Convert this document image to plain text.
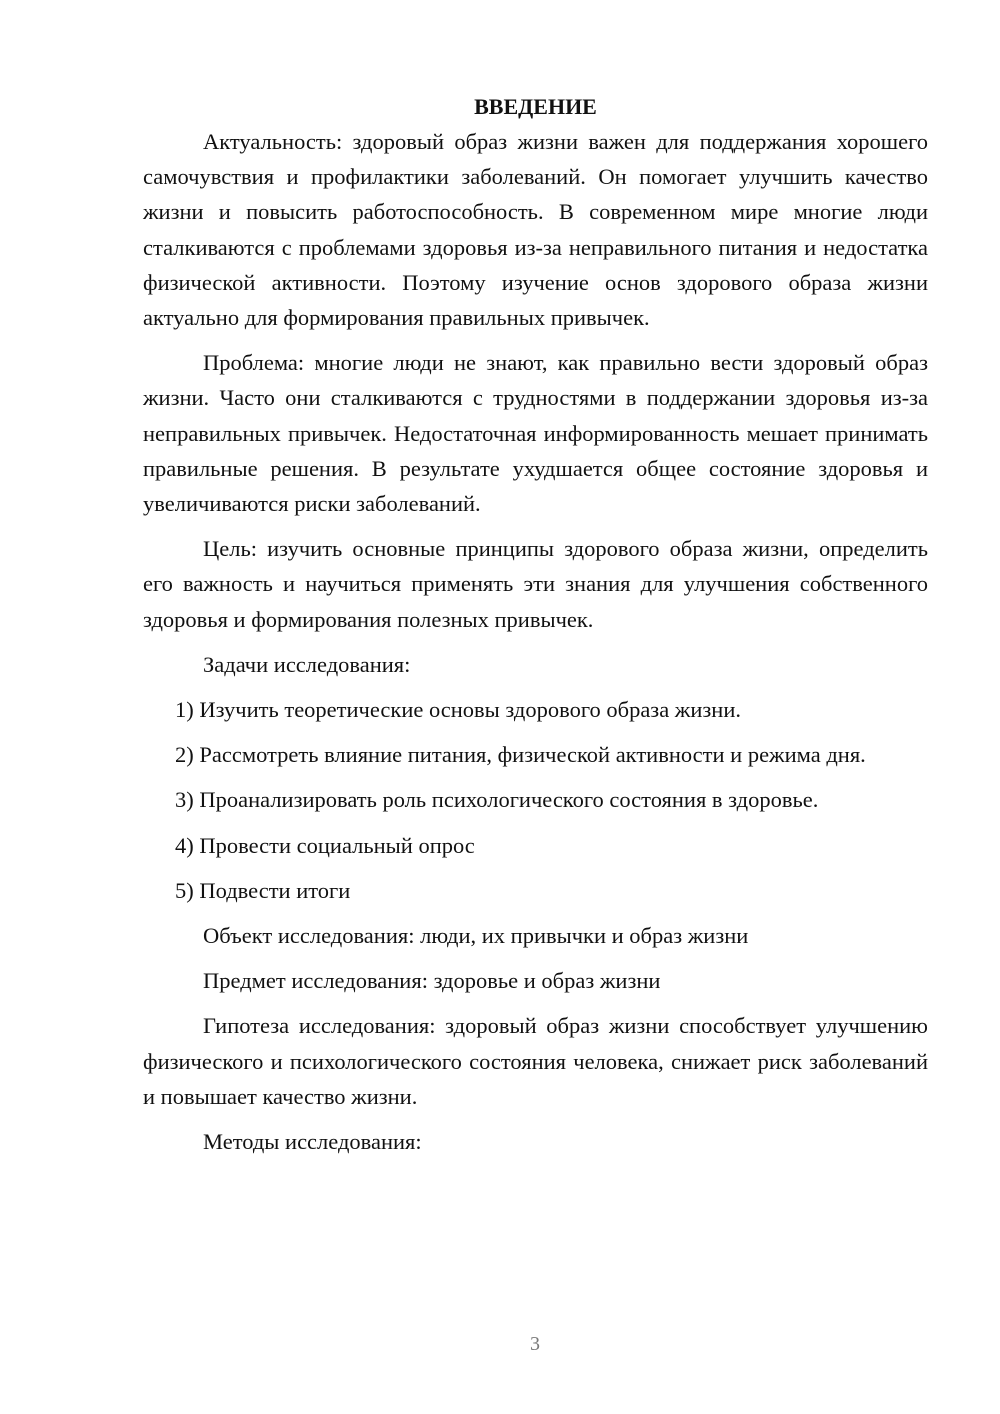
ВВЕДЕНИЕ

Актуальность: здоровый образ жизни важен для поддержания хорошего самочувствия и профилактики заболеваний. Он помогает улучшить качество жизни и повысить работоспособность. В современном мире многие люди сталкиваются с проблемами здоровья из-за неправильного питания и недостатка физической активности. Поэтому изучение основ здорового образа жизни актуально для формирования правильных привычек.

Проблема: многие люди не знают, как правильно вести здоровый образ жизни. Часто они сталкиваются с трудностями в поддержании здоровья из-за неправильных привычек. Недостаточная информированность мешает принимать правильные решения. В результате ухудшается общее состояние здоровья и увеличиваются риски заболеваний.

Цель: изучить основные принципы здорового образа жизни, определить его важность и научиться применять эти знания для улучшения собственного здоровья и формирования полезных привычек.

Задачи исследования:

1) Изучить теоретические основы здорового образа жизни.

2) Рассмотреть влияние питания, физической активности и режима дня.

3) Проанализировать роль психологического состояния в здоровье.

4) Провести социальный опрос

5) Подвести итоги

Объект исследования: люди, их привычки и образ жизни

Предмет исследования: здоровье и образ жизни

Гипотеза исследования: здоровый образ жизни способствует улучшению физического и психологического состояния человека, снижает риск заболеваний и повышает качество жизни.

Методы исследования:

3
